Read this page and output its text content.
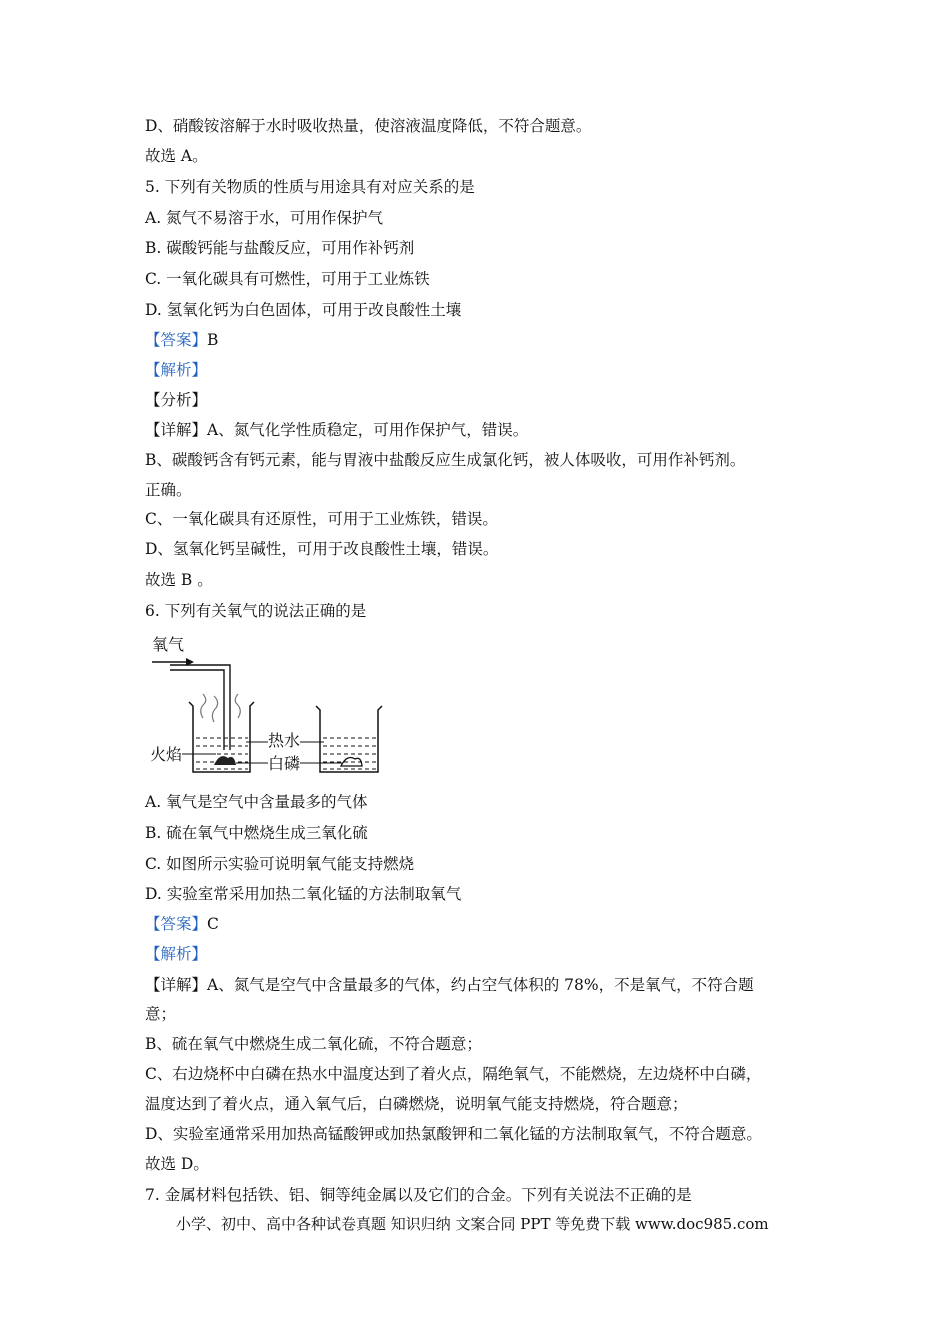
D、硝酸铵溶解于水时吸收热量，使溶液温度降低，不符合题意。
故选 A。
5. 下列有关物质的性质与用途具有对应关系的是
A. 氮气不易溶于水，可用作保护气
B. 碳酸钙能与盐酸反应，可用作补钙剂
C. 一氧化碳具有可燃性，可用于工业炼铁
D. 氢氧化钙为白色固体，可用于改良酸性土壤
【答案】B
【解析】
【分析】
【详解】A、氮气化学性质稳定，可用作保护气，错误。
B、碳酸钙含有钙元素，能与胃液中盐酸反应生成氯化钙，被人体吸收，可用作补钙剂。
正确。
C、一氧化碳具有还原性，可用于工业炼铁，错误。
D、氢氧化钙呈碱性，可用于改良酸性土壤，错误。
故选 B 。
6. 下列有关氧气的说法正确的是
氧气
热水
白磷
火焰
A. 氧气是空气中含量最多的气体
B. 硫在氧气中燃烧生成三氧化硫
C. 如图所示实验可说明氧气能支持燃烧
D. 实验室常采用加热二氧化锰的方法制取氧气
【答案】C
【解析】
【详解】A、氮气是空气中含量最多的气体，约占空气体积的 78%，不是氧气，不符合题
意；
B、硫在氧气中燃烧生成二氧化硫，不符合题意；
C、右边烧杯中白磷在热水中温度达到了着火点，隔绝氧气，不能燃烧，左边烧杯中白磷，
温度达到了着火点，通入氧气后，白磷燃烧，说明氧气能支持燃烧，符合题意；
D、实验室通常采用加热高锰酸钾或加热氯酸钾和二氧化锰的方法制取氧气，不符合题意。
故选 D。
7. 金属材料包括铁、铝、铜等纯金属以及它们的合金。下列有关说法不正确的是
小学、初中、高中各种试卷真题 知识归纳 文案合同 PPT 等免费下载 www.doc985.com
